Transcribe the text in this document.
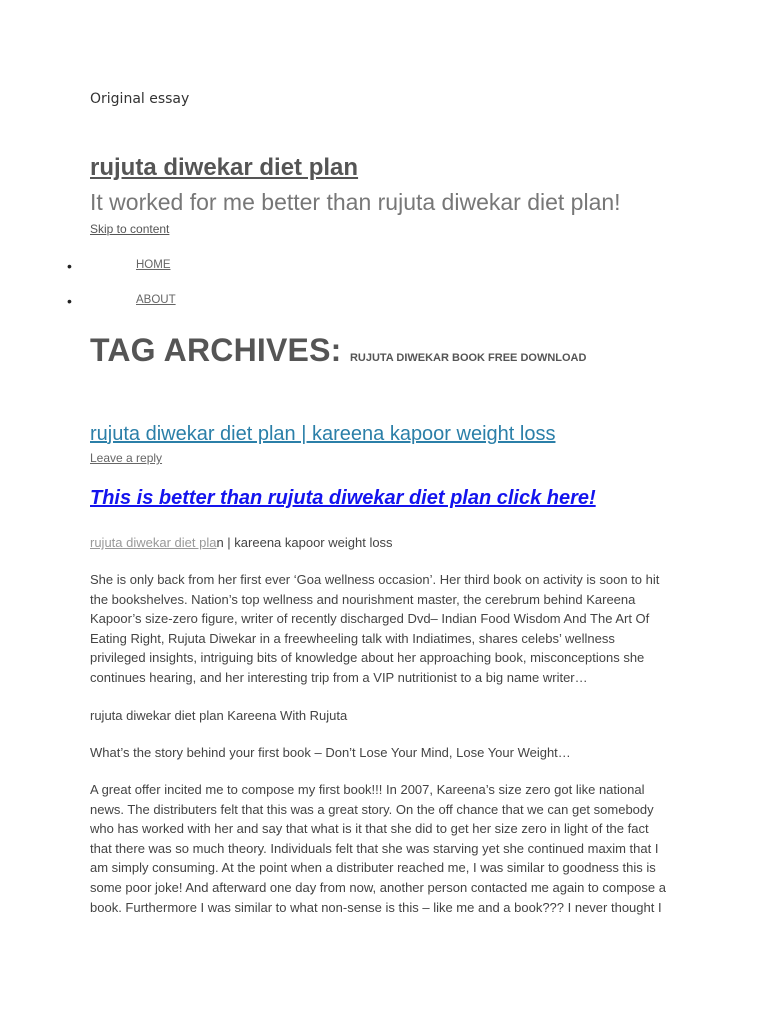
Original essay
rujuta diwekar diet plan
It worked for me better than rujuta diwekar diet plan!
Skip to content
•	HOME
•	ABOUT
TAG ARCHIVES: RUJUTA DIWEKAR BOOK FREE DOWNLOAD
rujuta diwekar diet plan | kareena kapoor weight loss
Leave a reply
This is better than rujuta diwekar diet plan click here!
rujuta diwekar diet plan | kareena kapoor weight loss
She is only back from her first ever ‘Goa wellness occasion’. Her third book on activity is soon to hit
the bookshelves. Nation’s top wellness and nourishment master, the cerebrum behind Kareena
Kapoor’s size-zero figure, writer of recently discharged Dvd– Indian Food Wisdom And The Art Of
Eating Right, Rujuta Diwekar in a freewheeling talk with Indiatimes, shares celebs’ wellness
privileged insights, intriguing bits of knowledge about her approaching book, misconceptions she
continues hearing, and her interesting trip from a VIP nutritionist to a big name writer…
rujuta diwekar diet plan Kareena With Rujuta
What’s the story behind your first book – Don’t Lose Your Mind, Lose Your Weight…
A great offer incited me to compose my first book!!! In 2007, Kareena’s size zero got like national
news. The distributers felt that this was a great story. On the off chance that we can get somebody
who has worked with her and say that what is it that she did to get her size zero in light of the fact
that there was so much theory. Individuals felt that she was starving yet she continued maxim that I
am simply consuming. At the point when a distributer reached me, I was similar to goodness this is
some poor joke! And afterward one day from now, another person contacted me again to compose a
book. Furthermore I was similar to what non-sense is this – like me and a book??? I never thought I
